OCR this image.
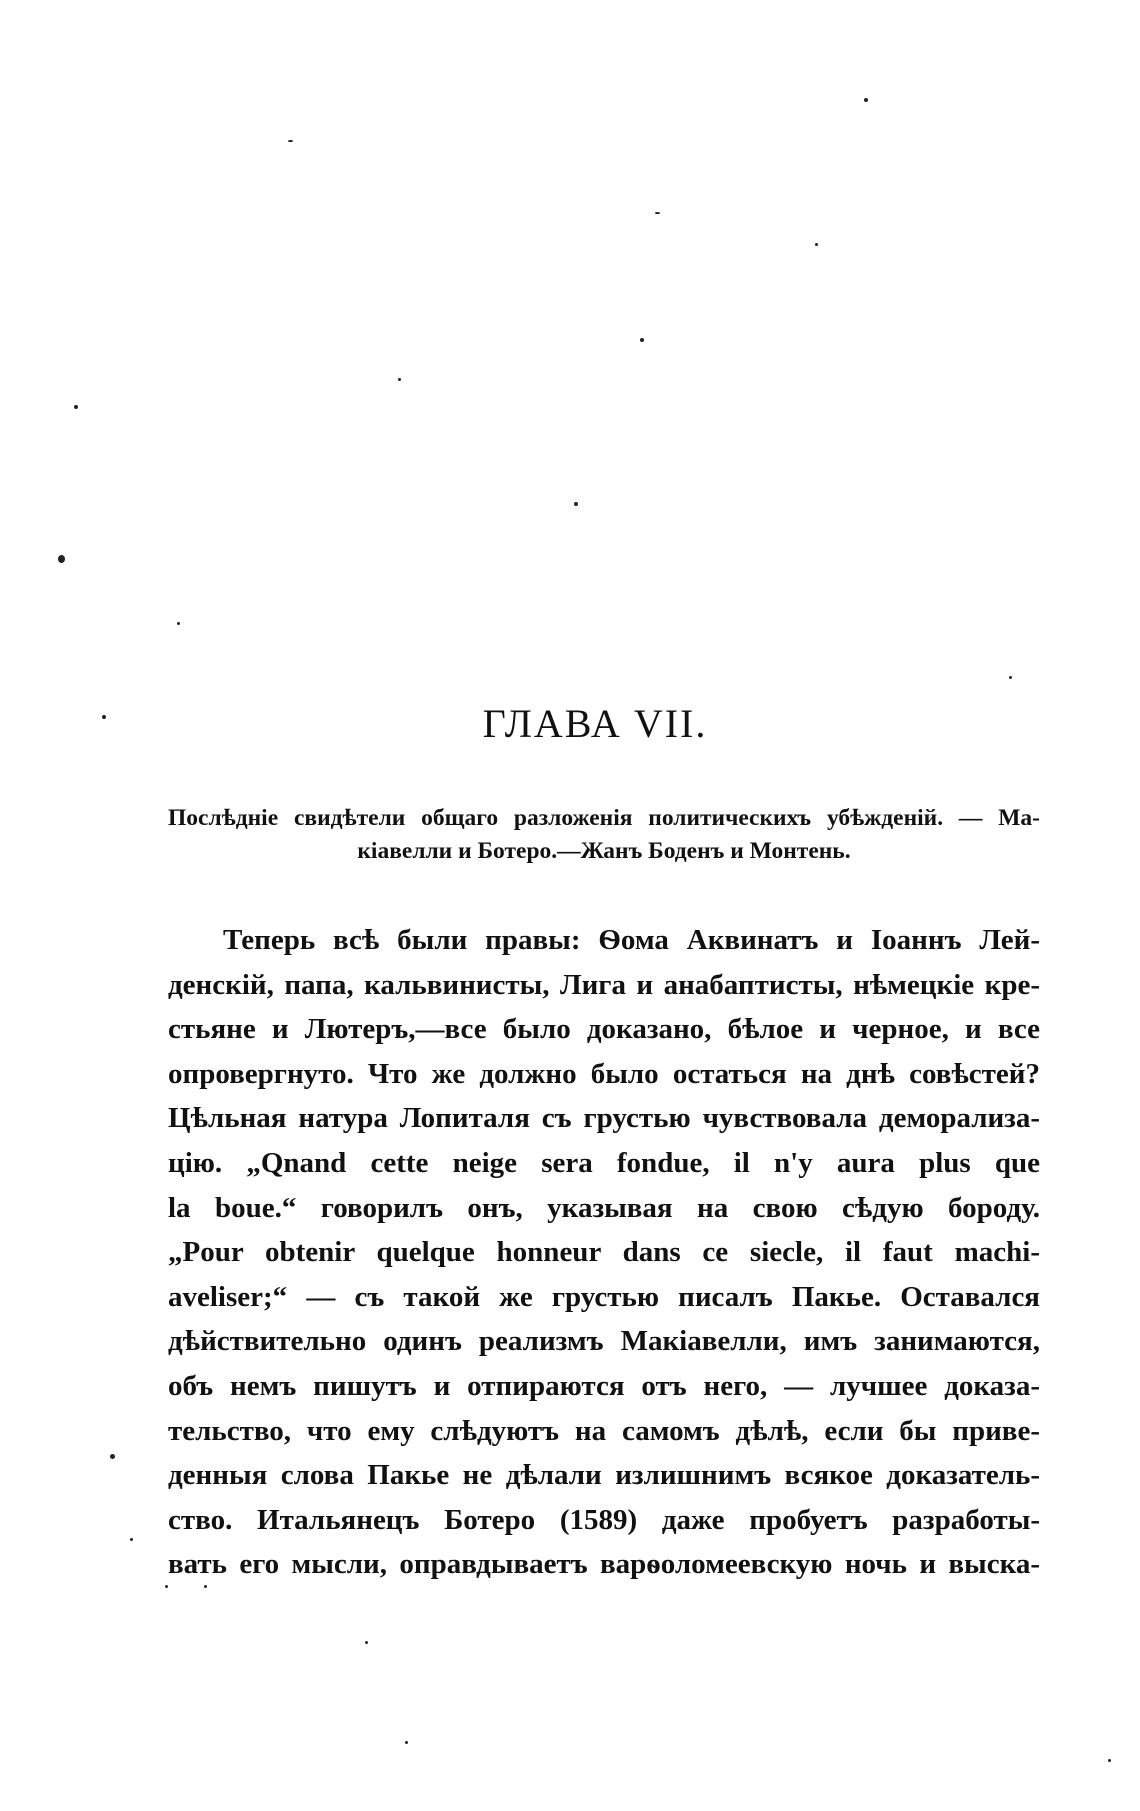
ГЛАВА VII.
Послѣднiе свидѣтели общаго разложенiя политическихъ убѣжденiй. — Ма-
кiавелли и Ботеро.—Жанъ Боденъ и Монтень.
Теперь всѣ были правы: Ѳома Аквинатъ и Iоаннъ Лей-
денскiй, папа, кальвинисты, Лига и анабаптисты, нѣмецкiе кре-
стьяне и Лютеръ,—все было доказано, бѣлое и черное, и все
опровергнуто. Что же должно было остаться на днѣ совѣстей?
Цѣльная натура Лопиталя съ грустью чувствовала деморализа-
цiю. „Qnand cette neige sera fondue, il n'y aura plus que
la boue.“ говорилъ онъ, указывая на свою сѣдую бороду.
„Pour obtenir quelque honneur dans ce siecle, il faut machi-
aveliser;“ — съ такой же грустью писалъ Пакье. Оставался
дѣйствительно одинъ реализмъ Макiавелли, имъ занимаются,
объ немъ пишутъ и отпираются отъ него, — лучшее доказа-
тельство, что ему слѣдуютъ на самомъ дѣлѣ, если бы приве-
денныя слова Пакье не дѣлали излишнимъ всякое доказатель-
ство. Итальянецъ Ботеро (1589) даже пробуетъ разработы-
вать его мысли, оправдываетъ варѳоломеевскую ночь и выска-
